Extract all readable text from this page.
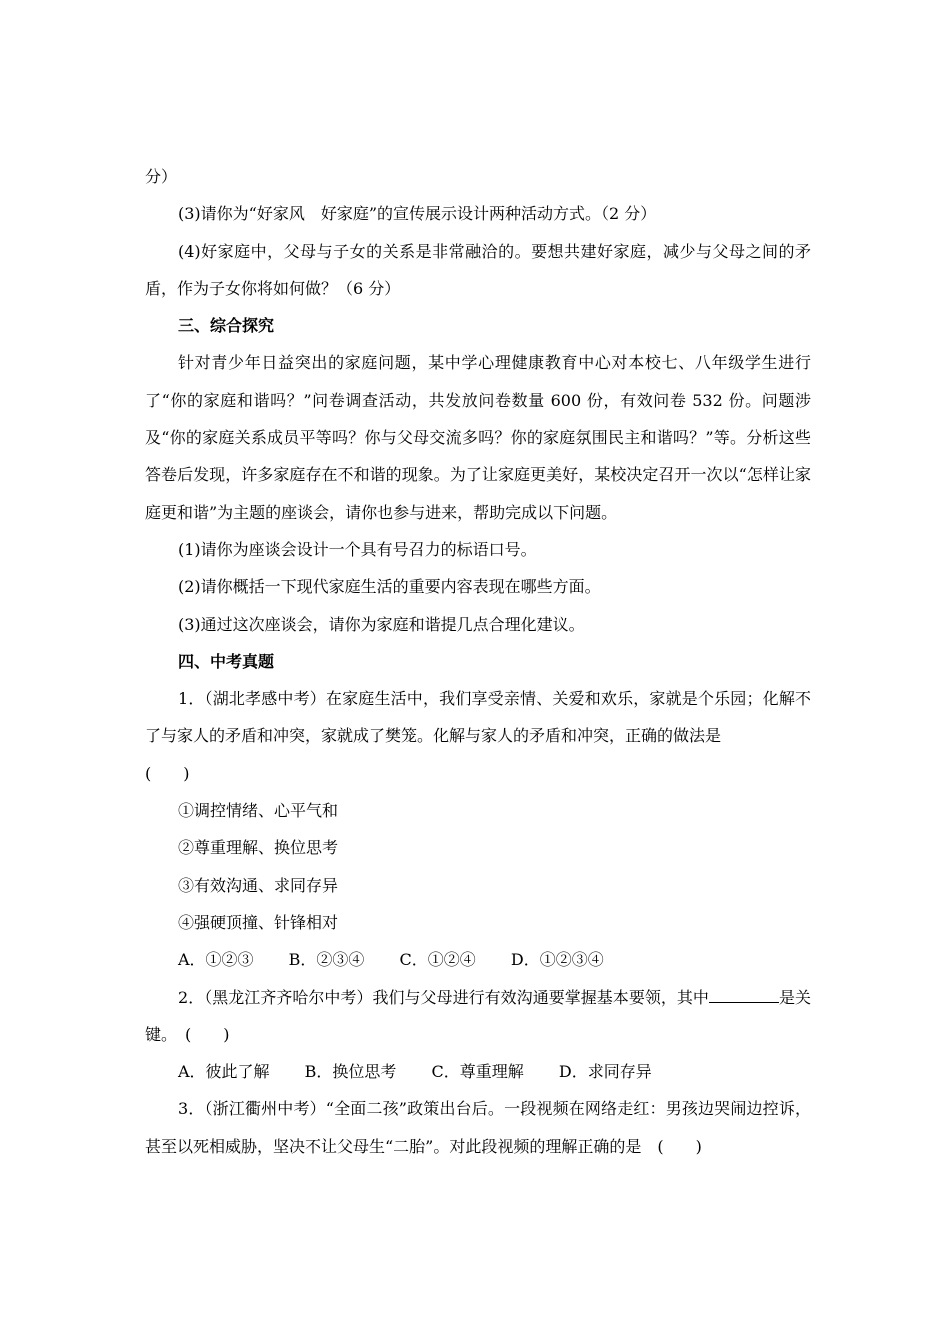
分）

(3)请你为“好家风　好家庭”的宣传展示设计两种活动方式。（2 分）

(4)好家庭中，父母与子女的关系是非常融洽的。要想共建好家庭，减少与父母之间的矛盾，作为子女你将如何做？（6 分）

三、综合探究

针对青少年日益突出的家庭问题，某中学心理健康教育中心对本校七、八年级学生进行了“你的家庭和谐吗？”问卷调查活动，共发放问卷数量 600 份，有效问卷 532 份。问题涉及“你的家庭关系成员平等吗？你与父母交流多吗？你的家庭氛围民主和谐吗？”等。分析这些答卷后发现，许多家庭存在不和谐的现象。为了让家庭更美好，某校决定召开一次以“怎样让家庭更和谐”为主题的座谈会，请你也参与进来，帮助完成以下问题。

(1)请你为座谈会设计一个具有号召力的标语口号。

(2)请你概括一下现代家庭生活的重要内容表现在哪些方面。

(3)通过这次座谈会，请你为家庭和谐提几点合理化建议。

四、中考真题

1．（湖北孝感中考）在家庭生活中，我们享受亲情、关爱和欢乐，家就是个乐园；化解不了与家人的矛盾和冲突，家就成了樊笼。化解与家人的矛盾和冲突，正确的做法是

(　　)

①调控情绪、心平气和

②尊重理解、换位思考

③有效沟通、求同存异

④强硬顶撞、针锋相对

A．①②③ B．②③④ C．①②④ D．①②③④

2．（黑龙江齐齐哈尔中考）我们与父母进行有效沟通要掌握基本要领，其中	是关键。　(　　)

A．彼此了解 B．换位思考 C．尊重理解 D．求同存异

3．（浙江衢州中考）“全面二孩”政策出台后。一段视频在网络走红：男孩边哭闹边控诉，甚至以死相威胁，坚决不让父母生“二胎”。对此段视频的理解正确的是　(　　)
